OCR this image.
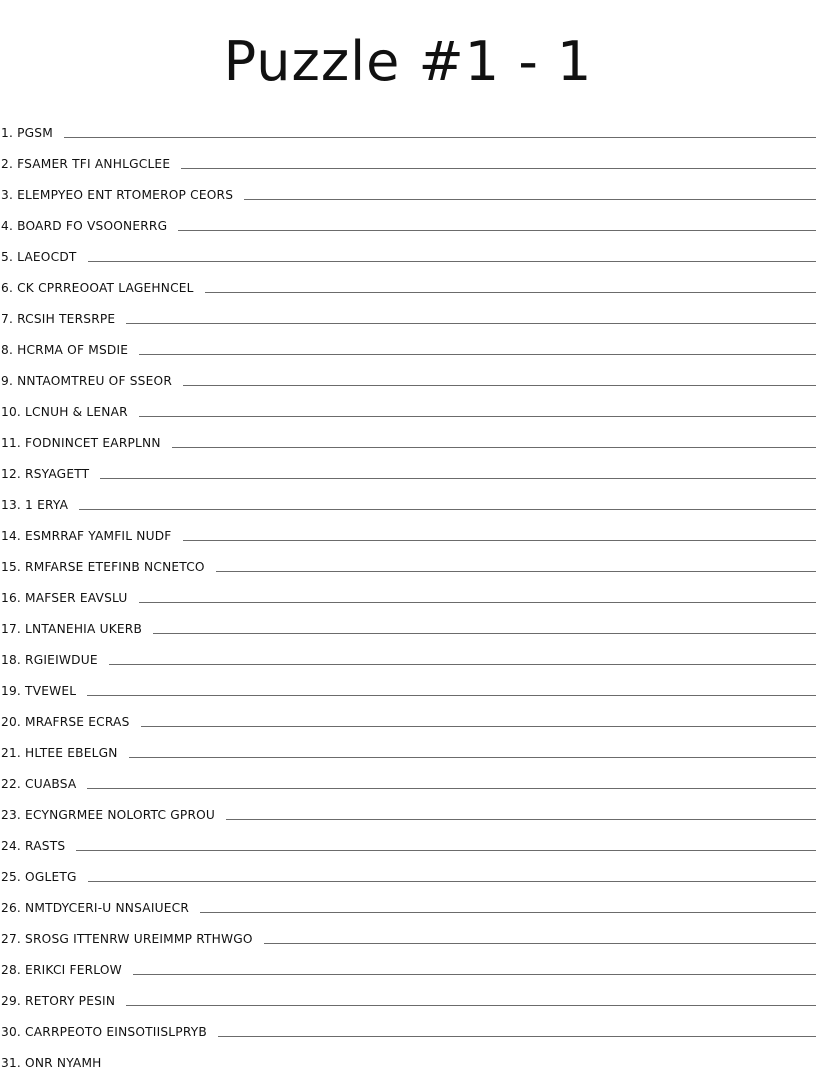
Puzzle #1 - 1
1. PGSM
2. FSAMER TFI ANHLGCLEE
3. ELEMPYEO ENT RTOMEROP CEORS
4. BOARD FO VSOONERRG
5. LAEOCDT
6. CK CPRREOOAT LAGEHNCEL
7. RCSIH TERSRPE
8. HCRMA OF MSDIE
9. NNTAOMTREU OF SSEOR
10. LCNUH & LENAR
11. FODNINCET EARPLNN
12. RSYAGETT
13. 1 ERYA
14. ESMRRAF YAMFIL NUDF
15. RMFARSE ETEFINB NCNETCO
16. MAFSER EAVSLU
17. LNTANEHIA UKERB
18. RGIEIWDUE
19. TVEWEL
20. MRAFRSE ECRAS
21. HLTEE EBELGN
22. CUABSA
23. ECYNGRMEE NOLORTC GPROU
24. RASTS
25. OGLETG
26. NMTDYCERI-U NNSAIUECR
27. SROSG ITTENRW UREIMMP RTHWGO
28. ERIKCI FERLOW
29. RETORY PESIN
30. CARRPEOTO EINSOTIISLPRYB
31. ONR NYAMH
